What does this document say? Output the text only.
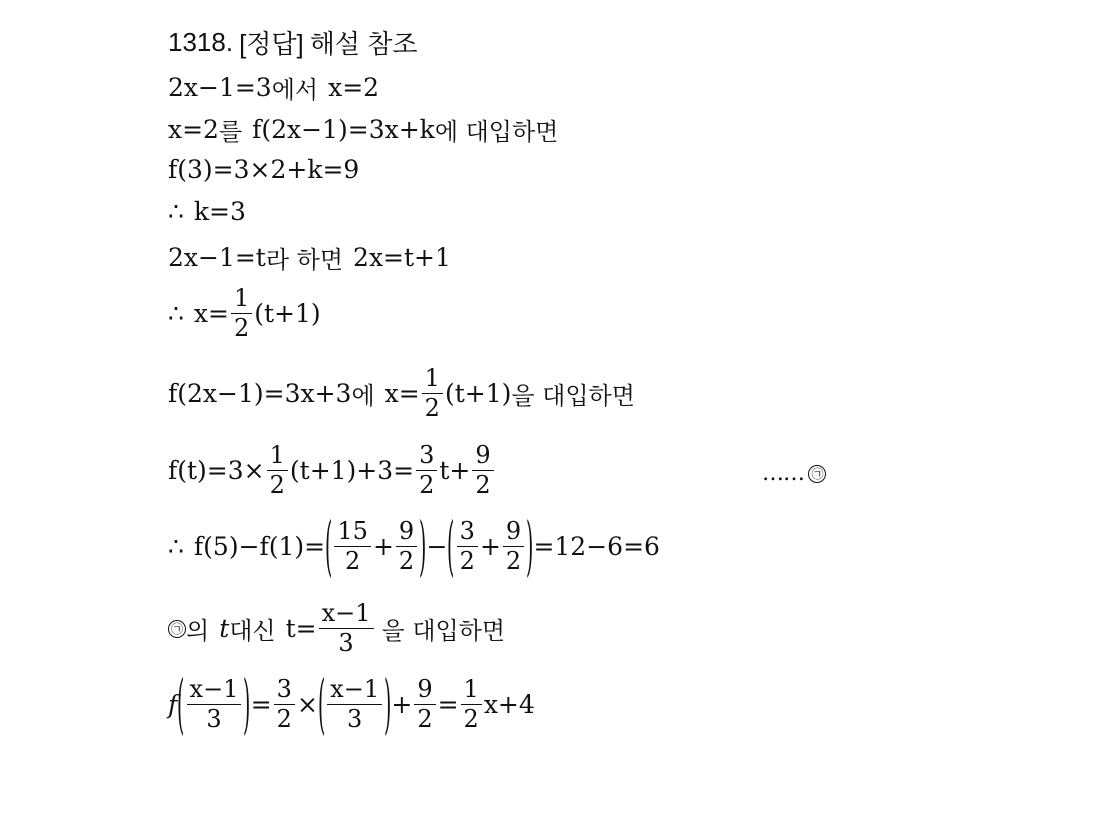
1318. [정답] 해설 참조
2x−1=3 에서 x=2
x=2 를 f(2x−1)=3x+k 에 대입하면
f(3)=3×2+k=9
∴ k=3
2x−1=t 라 하면 2x=t+1
∴ $x= \frac{1}{2} (t+1)$
f(2x−1)=3x+3 에 $x= \frac{1}{2} (t+1)$ 을 대입하면
$f(t)=3\times \frac{1}{2} (t+1)+3= \frac{3}{2} t+ \frac{9}{2}$	…… ㉠
∴ f(5)−f(1)= ( $\frac{15}{2} + \frac{9}{2}$ ) − ( $\frac{3}{2} + \frac{9}{2}$ ) =12−6=6
㉠ 의 t 대신 $t= \frac{x-1}{3}$ 을 대입하면
f ( $\frac{x-1}{3}$ ) = $\frac{3}{2}$ × ( $\frac{x-1}{3}$ ) + $\frac{9}{2} = \frac{1}{2} x+4$
